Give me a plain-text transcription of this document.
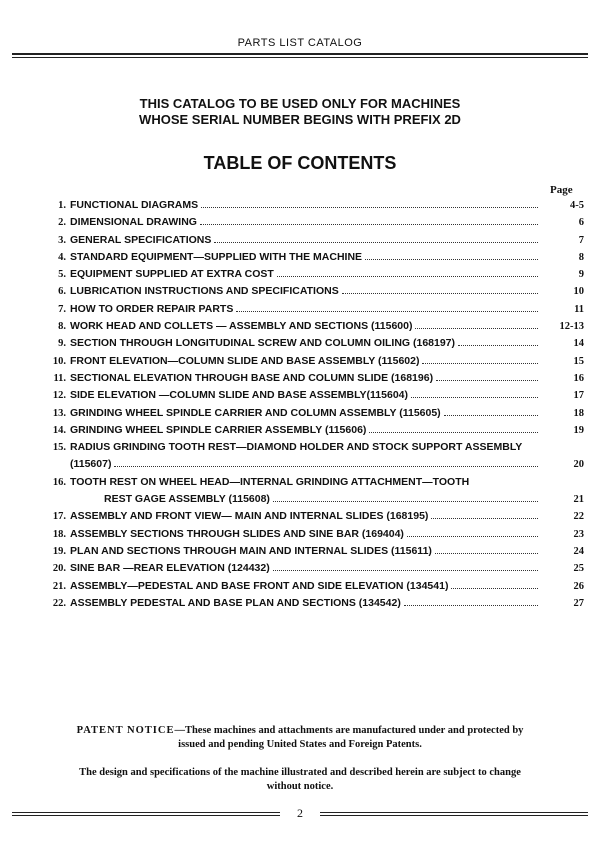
PARTS LIST CATALOG
THIS CATALOG TO BE USED ONLY FOR MACHINES
WHOSE SERIAL NUMBER BEGINS WITH PREFIX 2D
TABLE OF CONTENTS
Page
1. FUNCTIONAL DIAGRAMS	4-5
2. DIMENSIONAL DRAWING	6
3. GENERAL SPECIFICATIONS	7
4. STANDARD EQUIPMENT—SUPPLIED WITH THE MACHINE	8
5. EQUIPMENT SUPPLIED AT EXTRA COST	9
6. LUBRICATION INSTRUCTIONS AND SPECIFICATIONS	10
7. HOW TO ORDER REPAIR PARTS	11
8. WORK HEAD AND COLLETS — ASSEMBLY AND SECTIONS (115600)	12-13
9. SECTION THROUGH LONGITUDINAL SCREW AND COLUMN OILING (168197)	14
10. FRONT ELEVATION—COLUMN SLIDE AND BASE ASSEMBLY (115602)	15
11. SECTIONAL ELEVATION THROUGH BASE AND COLUMN SLIDE (168196)	16
12. SIDE ELEVATION —COLUMN SLIDE AND BASE ASSEMBLY(115604)	17
13. GRINDING WHEEL SPINDLE CARRIER AND COLUMN ASSEMBLY (115605)	18
14. GRINDING WHEEL SPINDLE CARRIER ASSEMBLY (115606)	19
15. RADIUS GRINDING TOOTH REST—DIAMOND HOLDER AND STOCK SUPPORT ASSEMBLY
(115607)	20
16. TOOTH REST ON WHEEL HEAD—INTERNAL GRINDING ATTACHMENT—TOOTH
REST GAGE ASSEMBLY (115608)	21
17. ASSEMBLY AND FRONT VIEW— MAIN AND INTERNAL SLIDES (168195)	22
18. ASSEMBLY SECTIONS THROUGH SLIDES AND SINE BAR (169404)	23
19. PLAN AND SECTIONS THROUGH MAIN AND INTERNAL SLIDES (115611)	24
20. SINE BAR —REAR ELEVATION (124432)	25
21. ASSEMBLY—PEDESTAL AND BASE FRONT AND SIDE ELEVATION (134541)	26
22. ASSEMBLY PEDESTAL AND BASE PLAN AND SECTIONS (134542)	27
PATENT NOTICE—These machines and attachments are manufactured under and protected by
issued and pending United States and Foreign Patents.
The design and specifications of the machine illustrated and described herein are subject to change
without notice.
2
